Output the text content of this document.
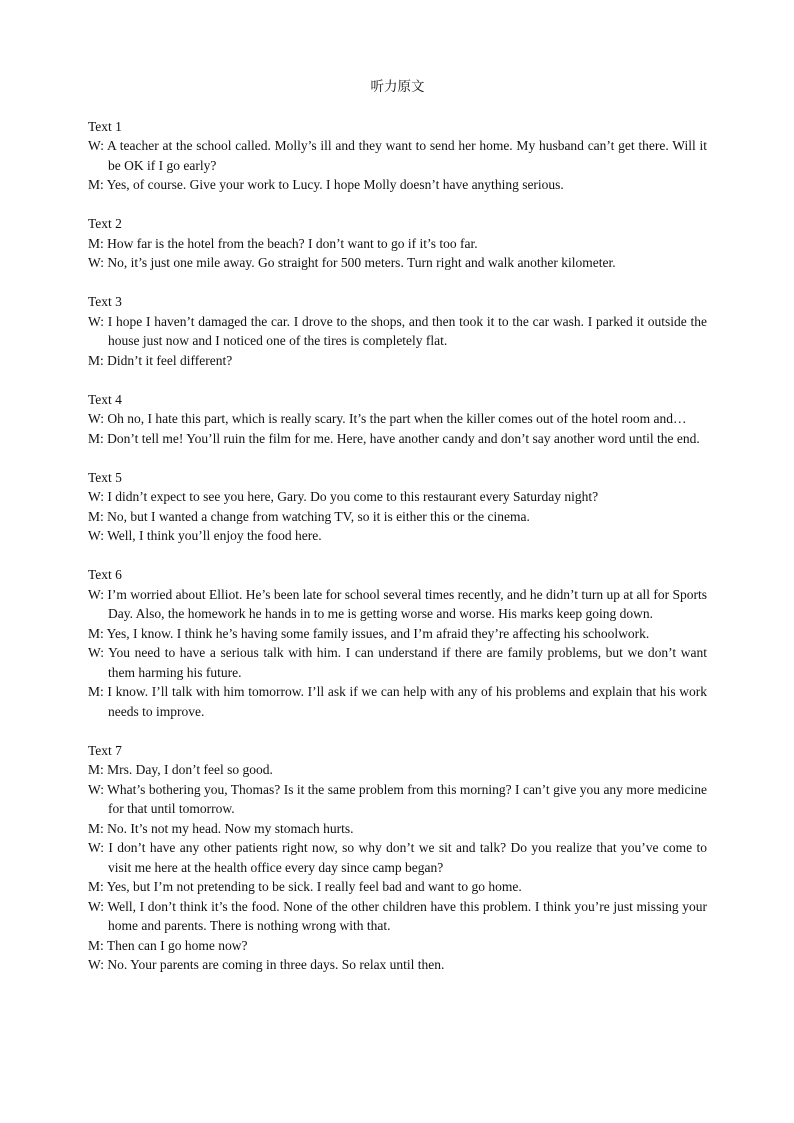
听力原文
Text 1
W: A teacher at the school called. Molly’s ill and they want to send her home. My husband can’t get there. Will it be OK if I go early?
M: Yes, of course. Give your work to Lucy. I hope Molly doesn’t have anything serious.
Text 2
M: How far is the hotel from the beach? I don’t want to go if it’s too far.
W: No, it’s just one mile away. Go straight for 500 meters. Turn right and walk another kilometer.
Text 3
W: I hope I haven’t damaged the car. I drove to the shops, and then took it to the car wash. I parked it outside the house just now and I noticed one of the tires is completely flat.
M: Didn’t it feel different?
Text 4
W: Oh no, I hate this part, which is really scary. It’s the part when the killer comes out of the hotel room and…
M: Don’t tell me! You’ll ruin the film for me. Here, have another candy and don’t say another word until the end.
Text 5
W: I didn’t expect to see you here, Gary. Do you come to this restaurant every Saturday night?
M: No, but I wanted a change from watching TV, so it is either this or the cinema.
W: Well, I think you’ll enjoy the food here.
Text 6
W: I’m worried about Elliot. He’s been late for school several times recently, and he didn’t turn up at all for Sports Day. Also, the homework he hands in to me is getting worse and worse. His marks keep going down.
M: Yes, I know. I think he’s having some family issues, and I’m afraid they’re affecting his schoolwork.
W: You need to have a serious talk with him. I can understand if there are family problems, but we don’t want them harming his future.
M: I know. I’ll talk with him tomorrow. I’ll ask if we can help with any of his problems and explain that his work needs to improve.
Text 7
M: Mrs. Day, I don’t feel so good.
W: What’s bothering you, Thomas? Is it the same problem from this morning? I can’t give you any more medicine for that until tomorrow.
M: No. It’s not my head. Now my stomach hurts.
W: I don’t have any other patients right now, so why don’t we sit and talk? Do you realize that you’ve come to visit me here at the health office every day since camp began?
M: Yes, but I’m not pretending to be sick. I really feel bad and want to go home.
W: Well, I don’t think it’s the food. None of the other children have this problem. I think you’re just missing your home and parents. There is nothing wrong with that.
M: Then can I go home now?
W: No. Your parents are coming in three days. So relax until then.
